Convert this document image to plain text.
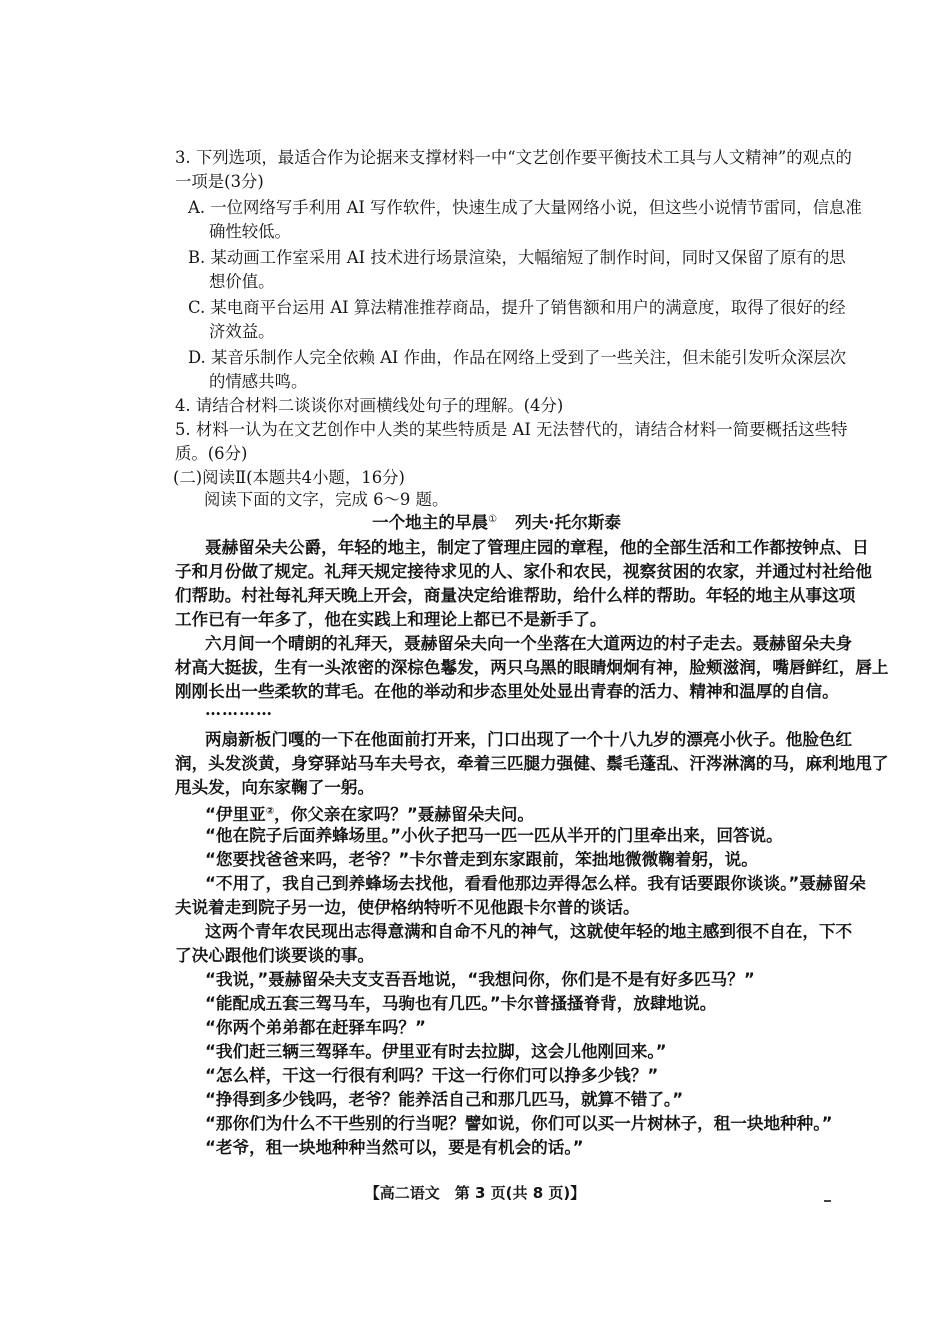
3. 下列选项，最适合作为论据来支撑材料一中“文艺创作要平衡技术工具与人文精神”的观点的
一项是(3分)
A. 一位网络写手利用 AI 写作软件，快速生成了大量网络小说，但这些小说情节雷同，信息准
确性较低。
B. 某动画工作室采用 AI 技术进行场景渲染，大幅缩短了制作时间，同时又保留了原有的思
想价值。
C. 某电商平台运用 AI 算法精准推荐商品，提升了销售额和用户的满意度，取得了很好的经
济效益。
D. 某音乐制作人完全依赖 AI 作曲，作品在网络上受到了一些关注，但未能引发听众深层次
的情感共鸣。
4. 请结合材料二谈谈你对画横线处句子的理解。(4分)
5. 材料一认为在文艺创作中人类的某些特质是 AI 无法替代的，请结合材料一简要概括这些特
质。(6分)
(二)阅读Ⅱ(本题共4小题，16分)
阅读下面的文字，完成 6～9 题。
一个地主的早晨① 列夫·托尔斯泰
聂赫留朵夫公爵，年轻的地主，制定了管理庄园的章程，他的全部生活和工作都按钟点、日
子和月份做了规定。礼拜天规定接待求见的人、家仆和农民，视察贫困的农家，并通过村社给他
们帮助。村社每礼拜天晚上开会，商量决定给谁帮助，给什么样的帮助。年轻的地主从事这项
工作已有一年多了，他在实践上和理论上都已不是新手了。
六月间一个晴朗的礼拜天，聂赫留朵夫向一个坐落在大道两边的村子走去。聂赫留朵夫身
材高大挺拔，生有一头浓密的深棕色鬈发，两只乌黑的眼睛炯炯有神，脸颊滋润，嘴唇鲜红，唇上
刚刚长出一些柔软的茸毛。在他的举动和步态里处处显出青春的活力、精神和温厚的自信。
…………
两扇新板门嘎的一下在他面前打开来，门口出现了一个十八九岁的漂亮小伙子。他脸色红
润，头发淡黄，身穿驿站马车夫号衣，牵着三匹腿力强健、鬃毛蓬乱、汗涔淋漓的马，麻利地甩了
甩头发，向东家鞠了一躬。
“伊里亚②，你父亲在家吗？”聂赫留朵夫问。
“他在院子后面养蜂场里。”小伙子把马一匹一匹从半开的门里牵出来，回答说。
“您要找爸爸来吗，老爷？”卡尔普走到东家跟前，笨拙地微微鞠着躬，说。
“不用了，我自己到养蜂场去找他，看看他那边弄得怎么样。我有话要跟你谈谈。”聂赫留朵
夫说着走到院子另一边，使伊格纳特听不见他跟卡尔普的谈话。
这两个青年农民现出志得意满和自命不凡的神气，这就使年轻的地主感到很不自在，下不
了决心跟他们谈要谈的事。
“我说，”聂赫留朵夫支支吾吾地说，“我想问你，你们是不是有好多匹马？”
“能配成五套三驾马车，马驹也有几匹。”卡尔普搔搔脊背，放肆地说。
“你两个弟弟都在赶驿车吗？”
“我们赶三辆三驾驿车。伊里亚有时去拉脚，这会儿他刚回来。”
“怎么样，干这一行很有利吗？干这一行你们可以挣多少钱？”
“挣得到多少钱吗，老爷？能养活自己和那几匹马，就算不错了。”
“那你们为什么不干些别的行当呢？譬如说，你们可以买一片树林子，租一块地种种。”
“老爷，租一块地种种当然可以，要是有机会的话。”
【高二语文　第 3 页(共 8 页)】
